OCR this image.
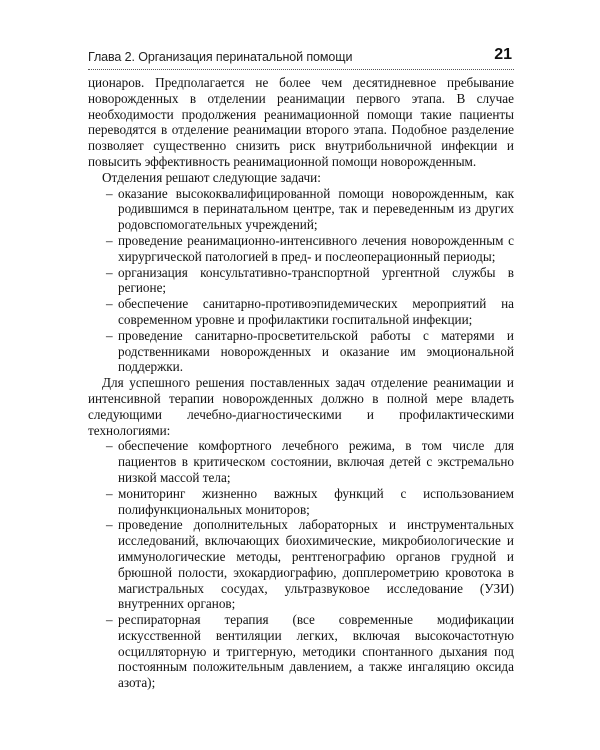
Глава 2. Организация перинатальной помощи	21

ционаров. Предполагается не более чем десятидневное пребывание новорожденных в отделении реанимации первого этапа. В случае необходимости продолжения реанимационной помощи такие пациенты переводятся в отделение реанимации второго этапа. Подобное разделение позволяет существенно снизить риск внутрибольничной инфекции и повысить эффективность реанимационной помощи новорожденным.

Отделения решают следующие задачи:

– оказание высококвалифицированной помощи новорожденным, как родившимся в перинатальном центре, так и переведенным из других родовспомогательных учреждений;
– проведение реанимационно-интенсивного лечения новорожденным с хирургической патологией в пред- и послеоперационный периоды;
– организация консультативно-транспортной ургентной службы в регионе;
– обеспечение санитарно-противоэпидемических мероприятий на современном уровне и профилактики госпитальной инфекции;
– проведение санитарно-просветительской работы с матерями и родственниками новорожденных и оказание им эмоциональной поддержки.

Для успешного решения поставленных задач отделение реанимации и интенсивной терапии новорожденных должно в полной мере владеть следующими лечебно-диагностическими и профилактическими технологиями:

– обеспечение комфортного лечебного режима, в том числе для пациентов в критическом состоянии, включая детей с экстремально низкой массой тела;
– мониторинг жизненно важных функций с использованием полифункциональных мониторов;
– проведение дополнительных лабораторных и инструментальных исследований, включающих биохимические, микробиологические и иммунологические методы, рентгенографию органов грудной и брюшной полости, эхокардиографию, допплерометрию кровотока в магистральных сосудах, ультразвуковое исследование (УЗИ) внутренних органов;
– респираторная терапия (все современные модификации искусственной вентиляции легких, включая высокочастотную осцилляторную и триггерную, методики спонтанного дыхания под постоянным положительным давлением, а также ингаляцию оксида азота);
